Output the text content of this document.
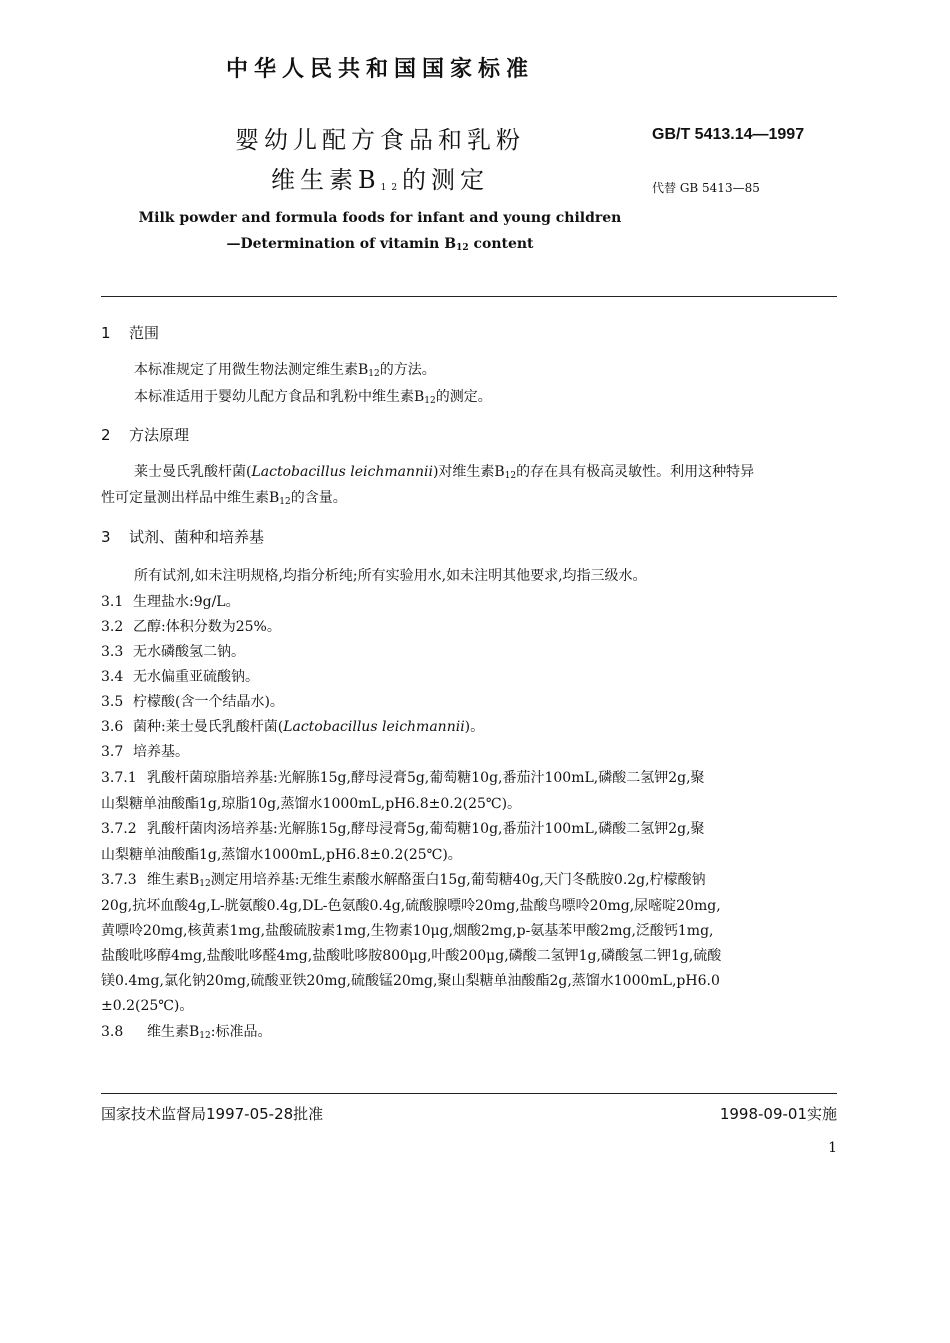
中华人民共和国国家标准
婴幼儿配方食品和乳粉
维生素$B_{12}$的测定
GB/T 5413.14—1997
代替 GB 5413—85
Milk powder and formula foods for infant and young children
—Determination of vitamin $B_{12}$ content
1 范围
本标准规定了用微生物法测定维生素$B_{12}$的方法。
本标准适用于婴幼儿配方食品和乳粉中维生素$B_{12}$的测定。
2 方法原理
莱士曼氏乳酸杆菌(Lactobacillus leichmannii)对维生素$B_{12}$的存在具有极高灵敏性。利用这种特异
性可定量测出样品中维生素$B_{12}$的含量。
3 试剂、菌种和培养基
所有试剂,如未注明规格,均指分析纯;所有实验用水,如未注明其他要求,均指三级水。
3.1 生理盐水:9g/L。
3.2 乙醇:体积分数为25%。
3.3 无水磷酸氢二钠。
3.4 无水偏重亚硫酸钠。
3.5 柠檬酸(含一个结晶水)。
3.6 菌种:莱士曼氏乳酸杆菌(Lactobacillus leichmannii)。
3.7 培养基。
3.7.1 乳酸杆菌琼脂培养基:光解胨15g,酵母浸膏5g,葡萄糖10g,番茄汁100mL,磷酸二氢钾2g,聚
山梨糖单油酸酯1g,琼脂10g,蒸馏水1000mL,pH6.8±0.2(25℃)。
3.7.2 乳酸杆菌肉汤培养基:光解胨15g,酵母浸膏5g,葡萄糖10g,番茄汁100mL,磷酸二氢钾2g,聚
山梨糖单油酸酯1g,蒸馏水1000mL,pH6.8±0.2(25℃)。
3.7.3 维生素$B_{12}$测定用培养基:无维生素酸水解酪蛋白15g,葡萄糖40g,天门冬酰胺0.2g,柠檬酸钠
20g,抗坏血酸4g,L-胱氨酸0.4g,DL-色氨酸0.4g,硫酸腺嘌呤20mg,盐酸鸟嘌呤20mg,尿嘧啶20mg,
黄嘌呤20mg,核黄素1mg,盐酸硫胺素1mg,生物素10μg,烟酸2mg,p-氨基苯甲酸2mg,泛酸钙1mg,
盐酸吡哆醇4mg,盐酸吡哆醛4mg,盐酸吡哆胺800μg,叶酸200μg,磷酸二氢钾1g,磷酸氢二钾1g,硫酸
镁0.4mg,氯化钠20mg,硫酸亚铁20mg,硫酸锰20mg,聚山梨糖单油酸酯2g,蒸馏水1000mL,pH6.0
±0.2(25℃)。
3.8 维生素$B_{12}$:标准品。
国家技术监督局1997-05-28批准	1998-09-01实施
1
